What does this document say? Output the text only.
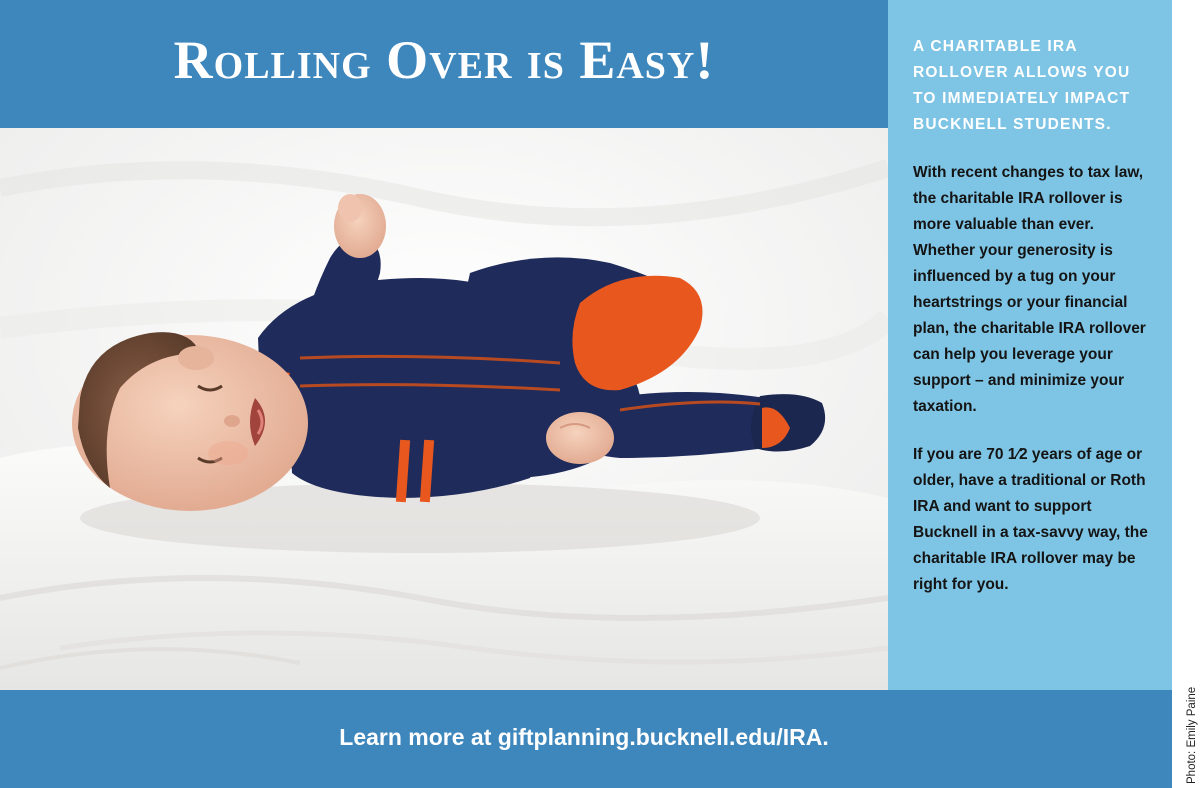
Rolling Over is Easy!	A CHARITABLE IRA ROLLOVER ALLOWS YOU TO IMMEDIATELY IMPACT BUCKNELL STUDENTS.

With recent changes to tax law, the charitable IRA rollover is more valuable than ever. Whether your generosity is influenced by a tug on your heartstrings or your financial plan, the charitable IRA rollover can help you leverage your support – and minimize your taxation.

If you are 70 1⁄2 years of age or older, have a traditional or Roth IRA and want to support Bucknell in a tax-savvy way, the charitable IRA rollover may be right for you.

Learn more at giftplanning.bucknell.edu/IRA.	Photo: Emily Paine
